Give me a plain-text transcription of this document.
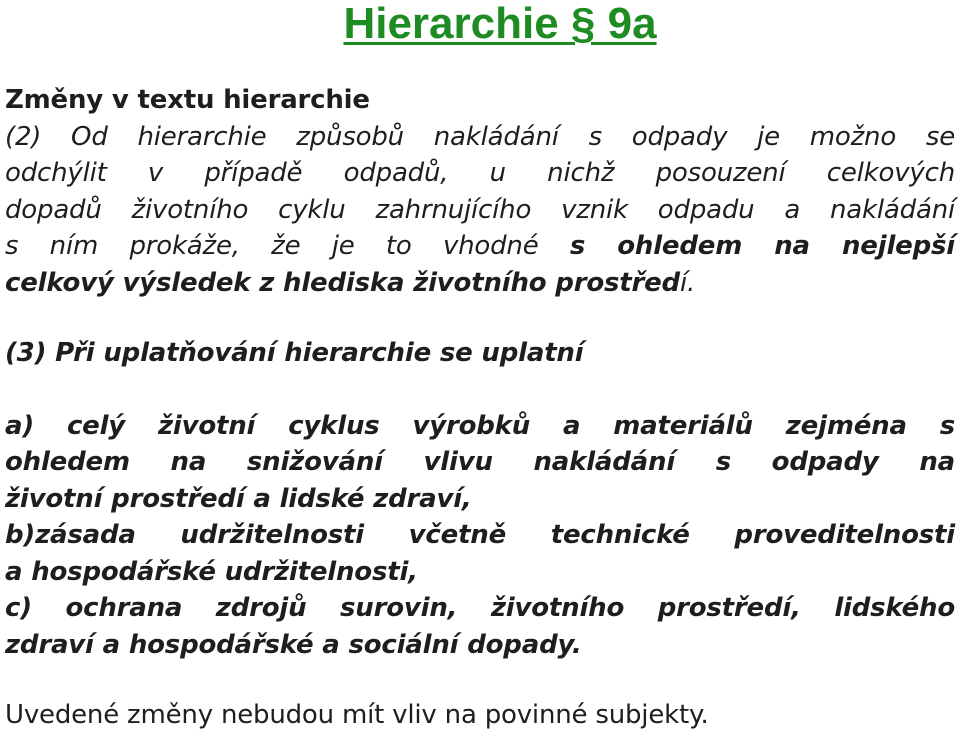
Hierarchie § 9a
Změny v textu hierarchie
(2) Od hierarchie způsobů nakládání s odpady je možno se
odchýlit v případě odpadů, u nichž posouzení celkových
dopadů životního cyklu zahrnujícího vznik odpadu a nakládání
s ním prokáže, že je to vhodné s ohledem na nejlepší
celkový výsledek z hlediska životního prostředí.
(3) Při uplatňování hierarchie se uplatní
a) celý životní cyklus výrobků a materiálů zejména s
ohledem na snižování vlivu nakládání s odpady na
životní prostředí a lidské zdraví,
b)zásada udržitelnosti včetně technické proveditelnosti
a hospodářské udržitelnosti,
c) ochrana zdrojů surovin, životního prostředí, lidského
zdraví a hospodářské a sociální dopady.
Uvedené změny nebudou mít vliv na povinné subjekty.
